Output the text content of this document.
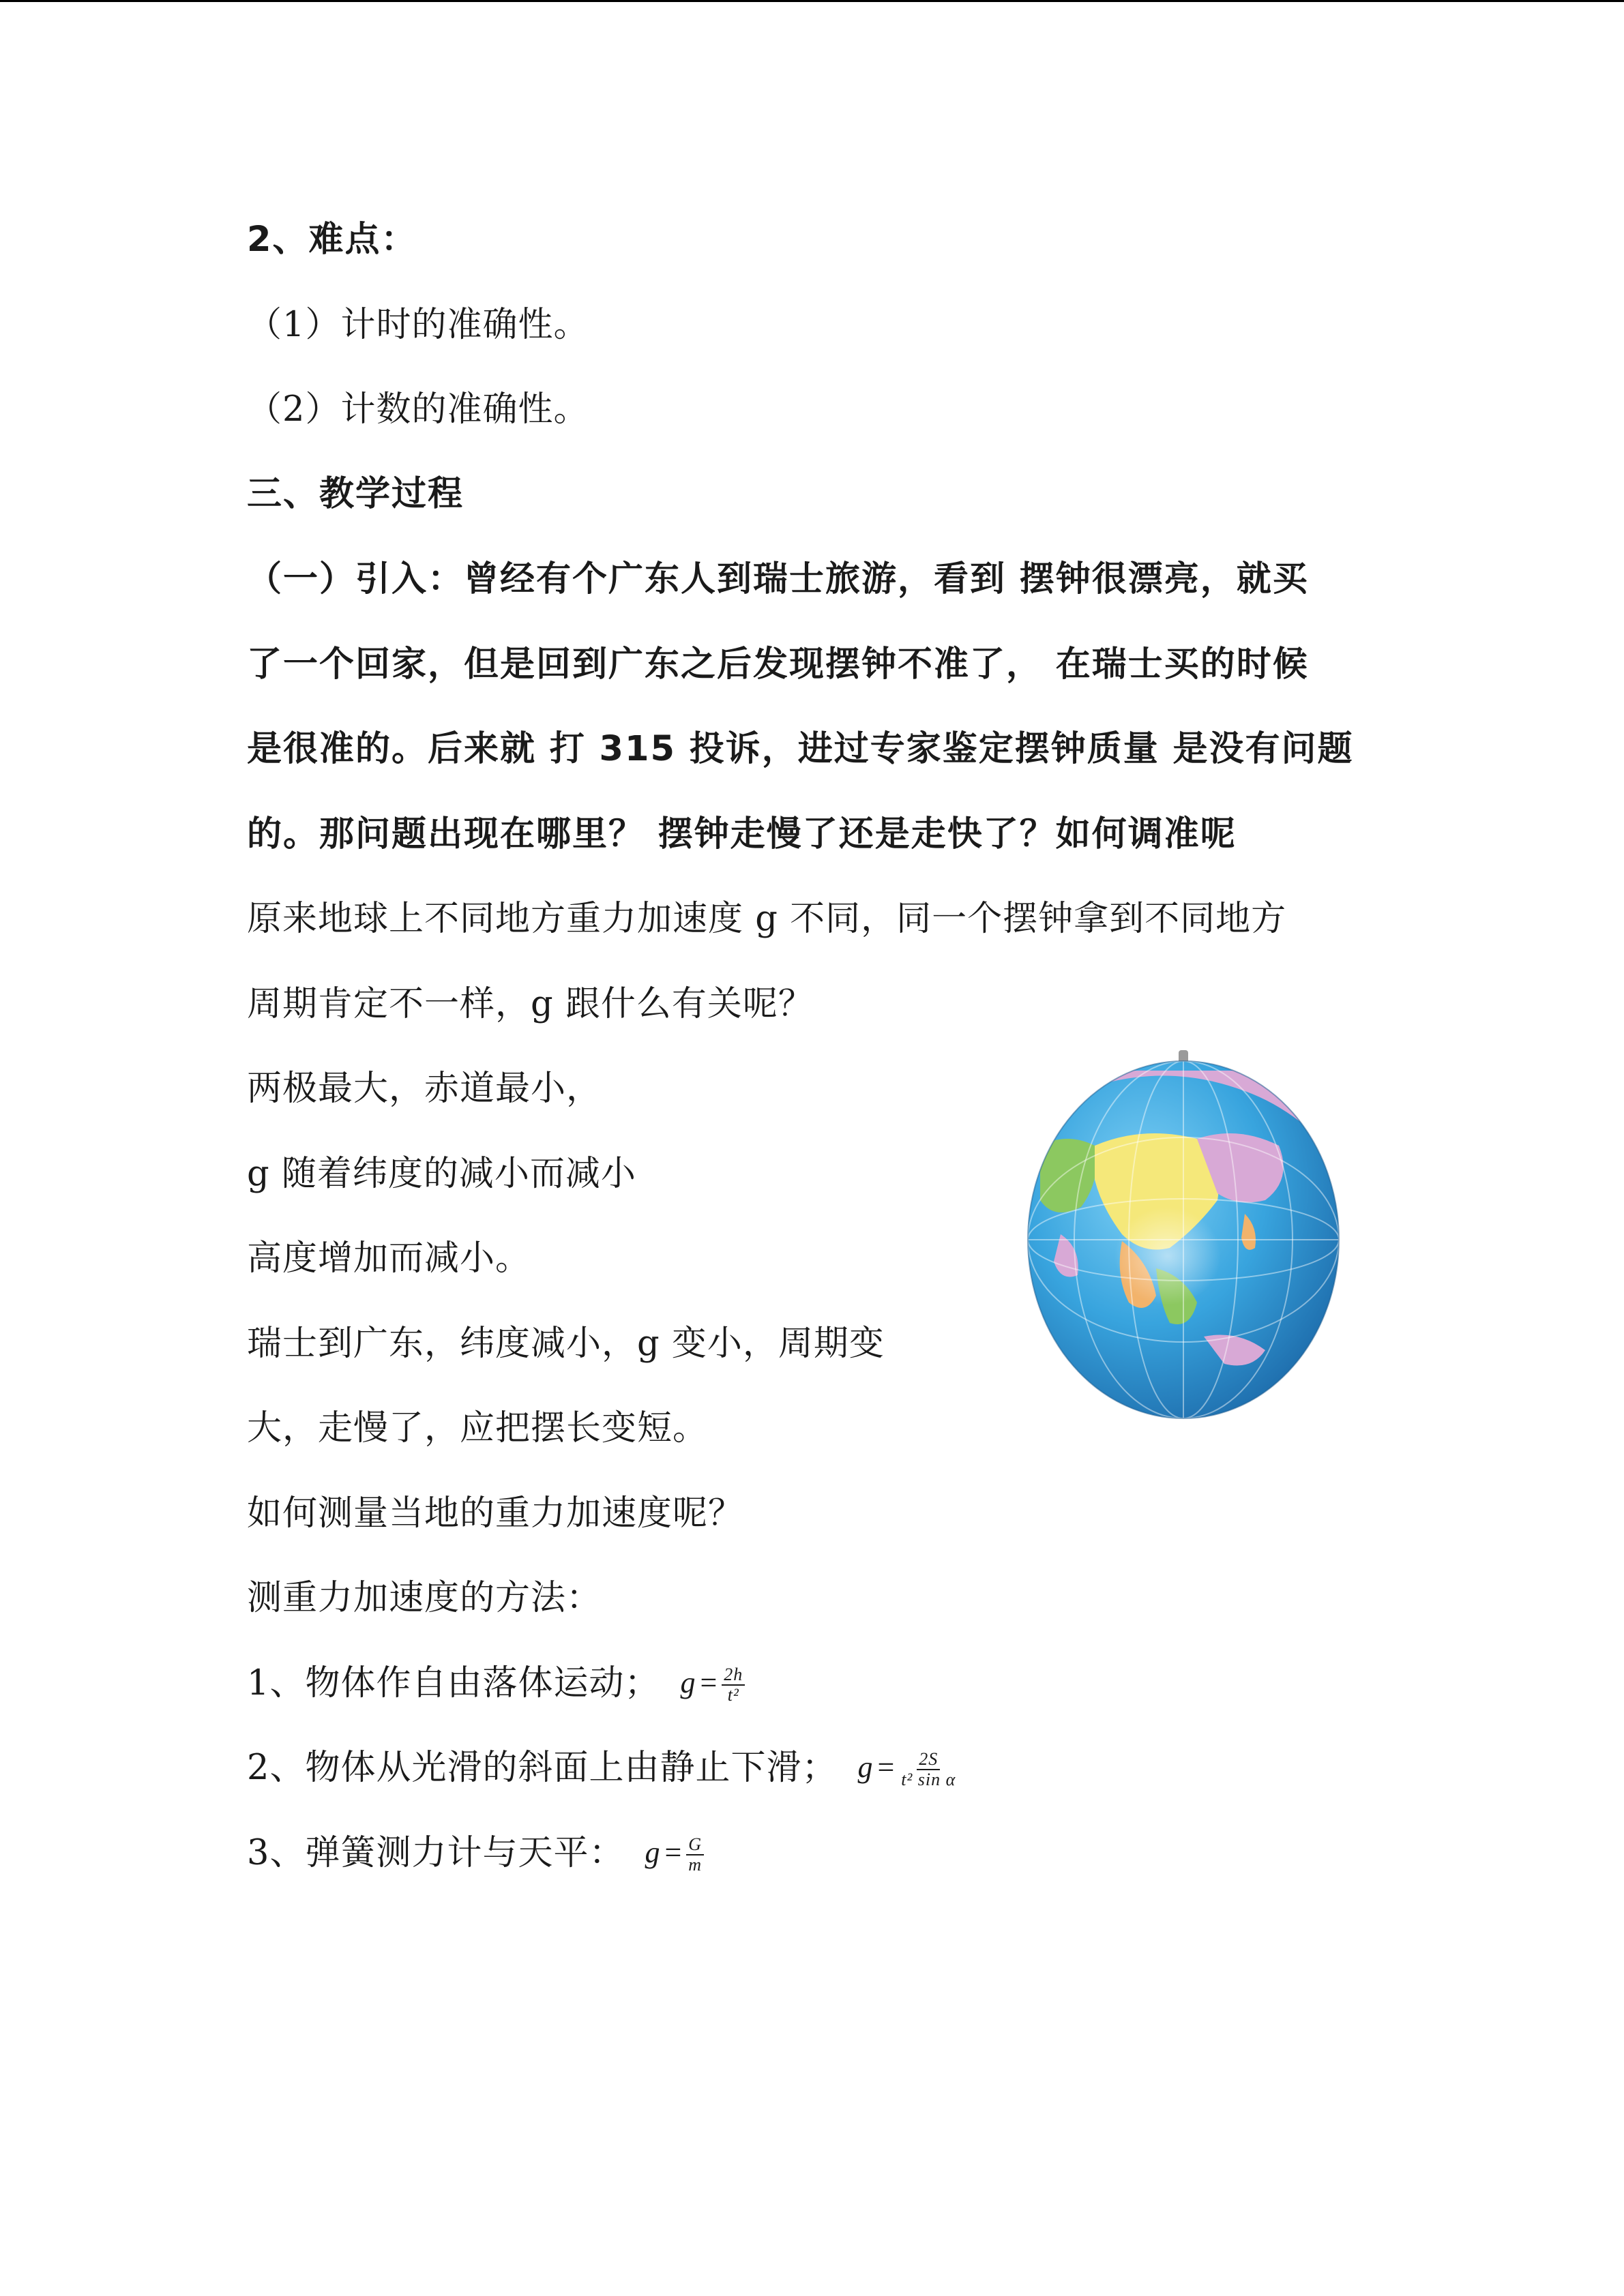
2、难点：
（1）计时的准确性。
（2）计数的准确性。
三、教学过程
（一）引入：曾经有个广东人到瑞士旅游，看到 摆钟很漂亮，就买
了一个回家，但是回到广东之后发现摆钟不准了， 在瑞士买的时候
是很准的。后来就 打 315 投诉，进过专家鉴定摆钟质量 是没有问题
的。那问题出现在哪里？ 摆钟走慢了还是走快了？如何调准呢
原来地球上不同地方重力加速度 g 不同，同一个摆钟拿到不同地方
周期肯定不一样，g 跟什么有关呢？
两极最大，赤道最小，
g 随着纬度的减小而减小
高度增加而减小。
瑞士到广东，纬度减小，g 变小，周期变
大，走慢了，应把摆长变短。
如何测量当地的重力加速度呢？
测重力加速度的方法：
1、物体作自由落体运动； $g = \frac{2h}{\text{t²}}$
2、物体从光滑的斜面上由静止下滑； $g = \frac{2S}{\text{t² sin α}}$
3、弹簧测力计与天平： $g = \frac{G}{m}$
